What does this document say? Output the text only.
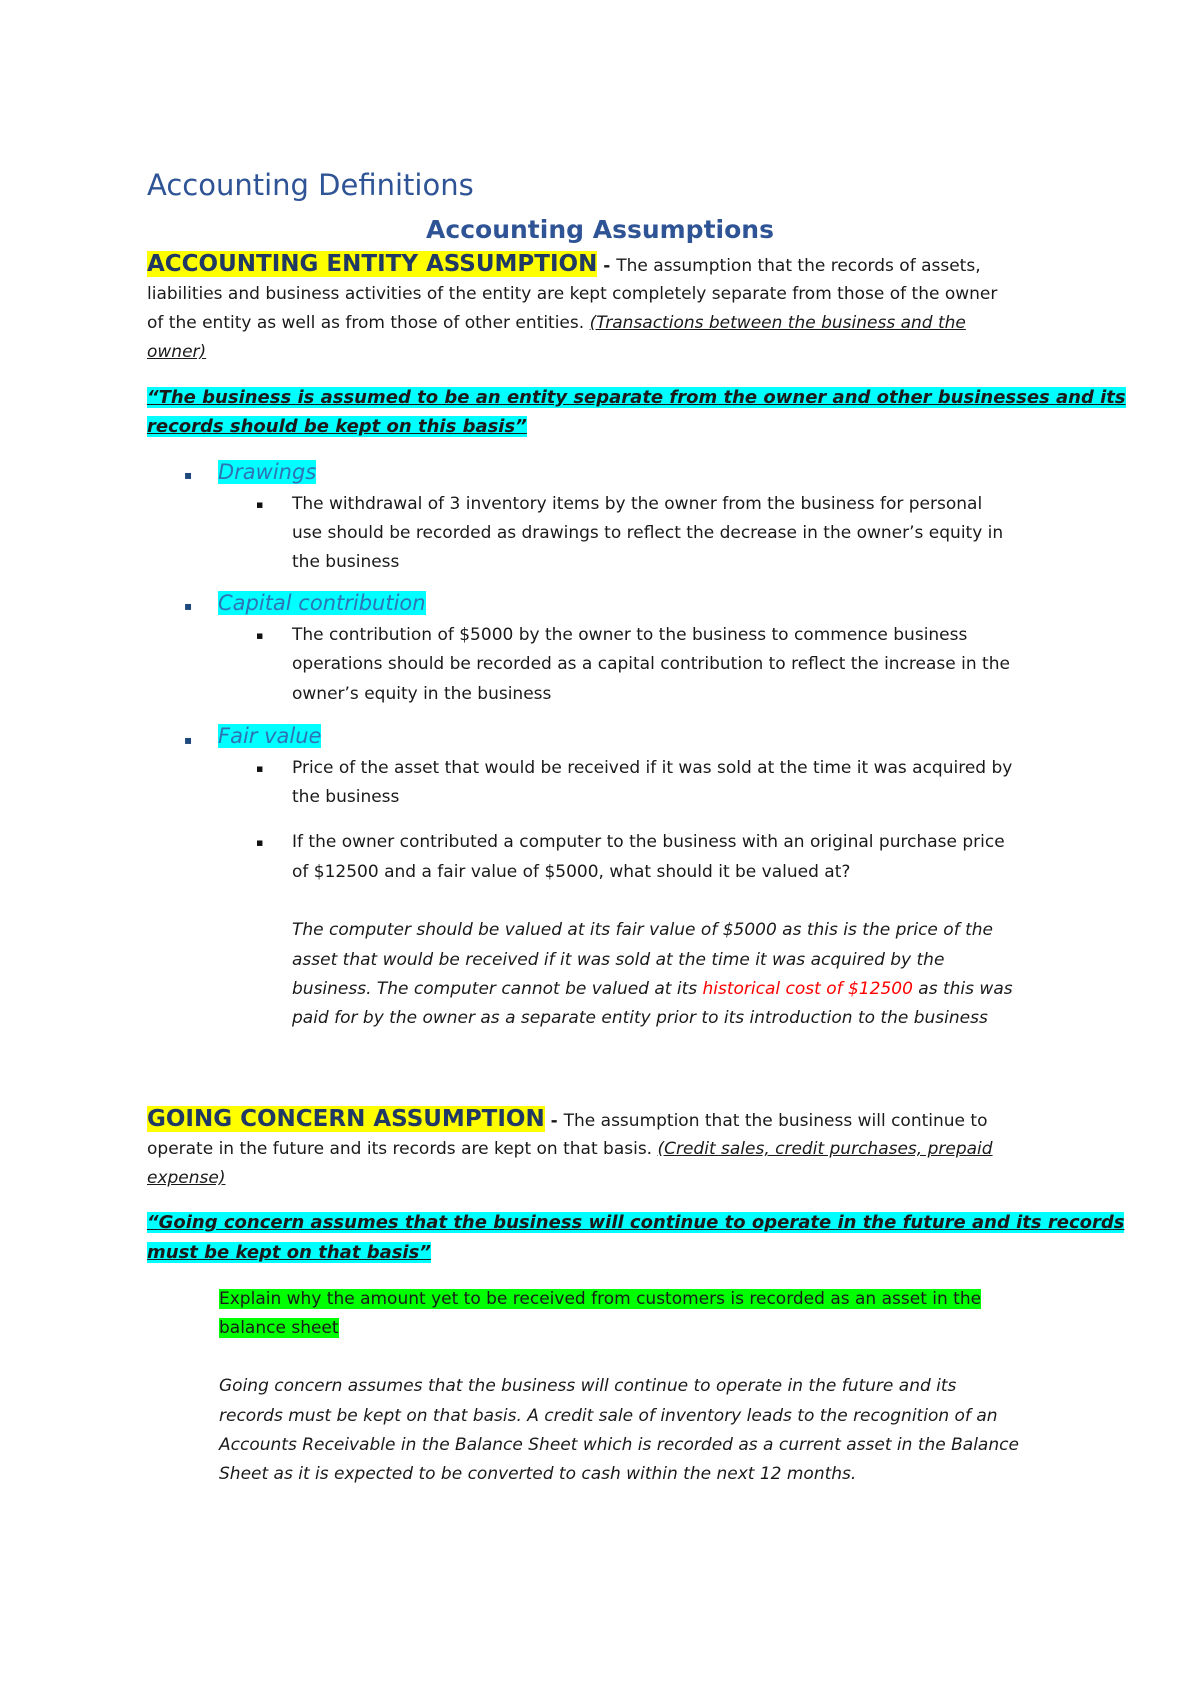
Accounting Definitions
Accounting Assumptions

ACCOUNTING ENTITY ASSUMPTION - The assumption that the records of assets,

liabilities and business activities of the entity are kept completely separate from those of the owner

of the entity as well as from those of other entities. (Transactions between the business and the

owner)

“The business is assumed to be an entity separate from the owner and other businesses and its

records should be kept on this basis”

▪ Drawings
▪ The withdrawal of 3 inventory items by the owner from the business for personal

use should be recorded as drawings to reflect the decrease in the owner’s equity in

the business

▪ Capital contribution
▪ The contribution of $5000 by the owner to the business to commence business

operations should be recorded as a capital contribution to reflect the increase in the

owner’s equity in the business

▪ Fair value
▪ Price of the asset that would be received if it was sold at the time it was acquired by

the business

▪ If the owner contributed a computer to the business with an original purchase price

of $12500 and a fair value of $5000, what should it be valued at?

The computer should be valued at its fair value of $5000 as this is the price of the

asset that would be received if it was sold at the time it was acquired by the

business. The computer cannot be valued at its historical cost of $12500 as this was

paid for by the owner as a separate entity prior to its introduction to the business

GOING CONCERN ASSUMPTION - The assumption that the business will continue to

operate in the future and its records are kept on that basis. (Credit sales, credit purchases, prepaid

expense)

“Going concern assumes that the business will continue to operate in the future and its records

must be kept on that basis”

Explain why the amount yet to be received from customers is recorded as an asset in the

balance sheet

Going concern assumes that the business will continue to operate in the future and its

records must be kept on that basis. A credit sale of inventory leads to the recognition of an

Accounts Receivable in the Balance Sheet which is recorded as a current asset in the Balance

Sheet as it is expected to be converted to cash within the next 12 months.
